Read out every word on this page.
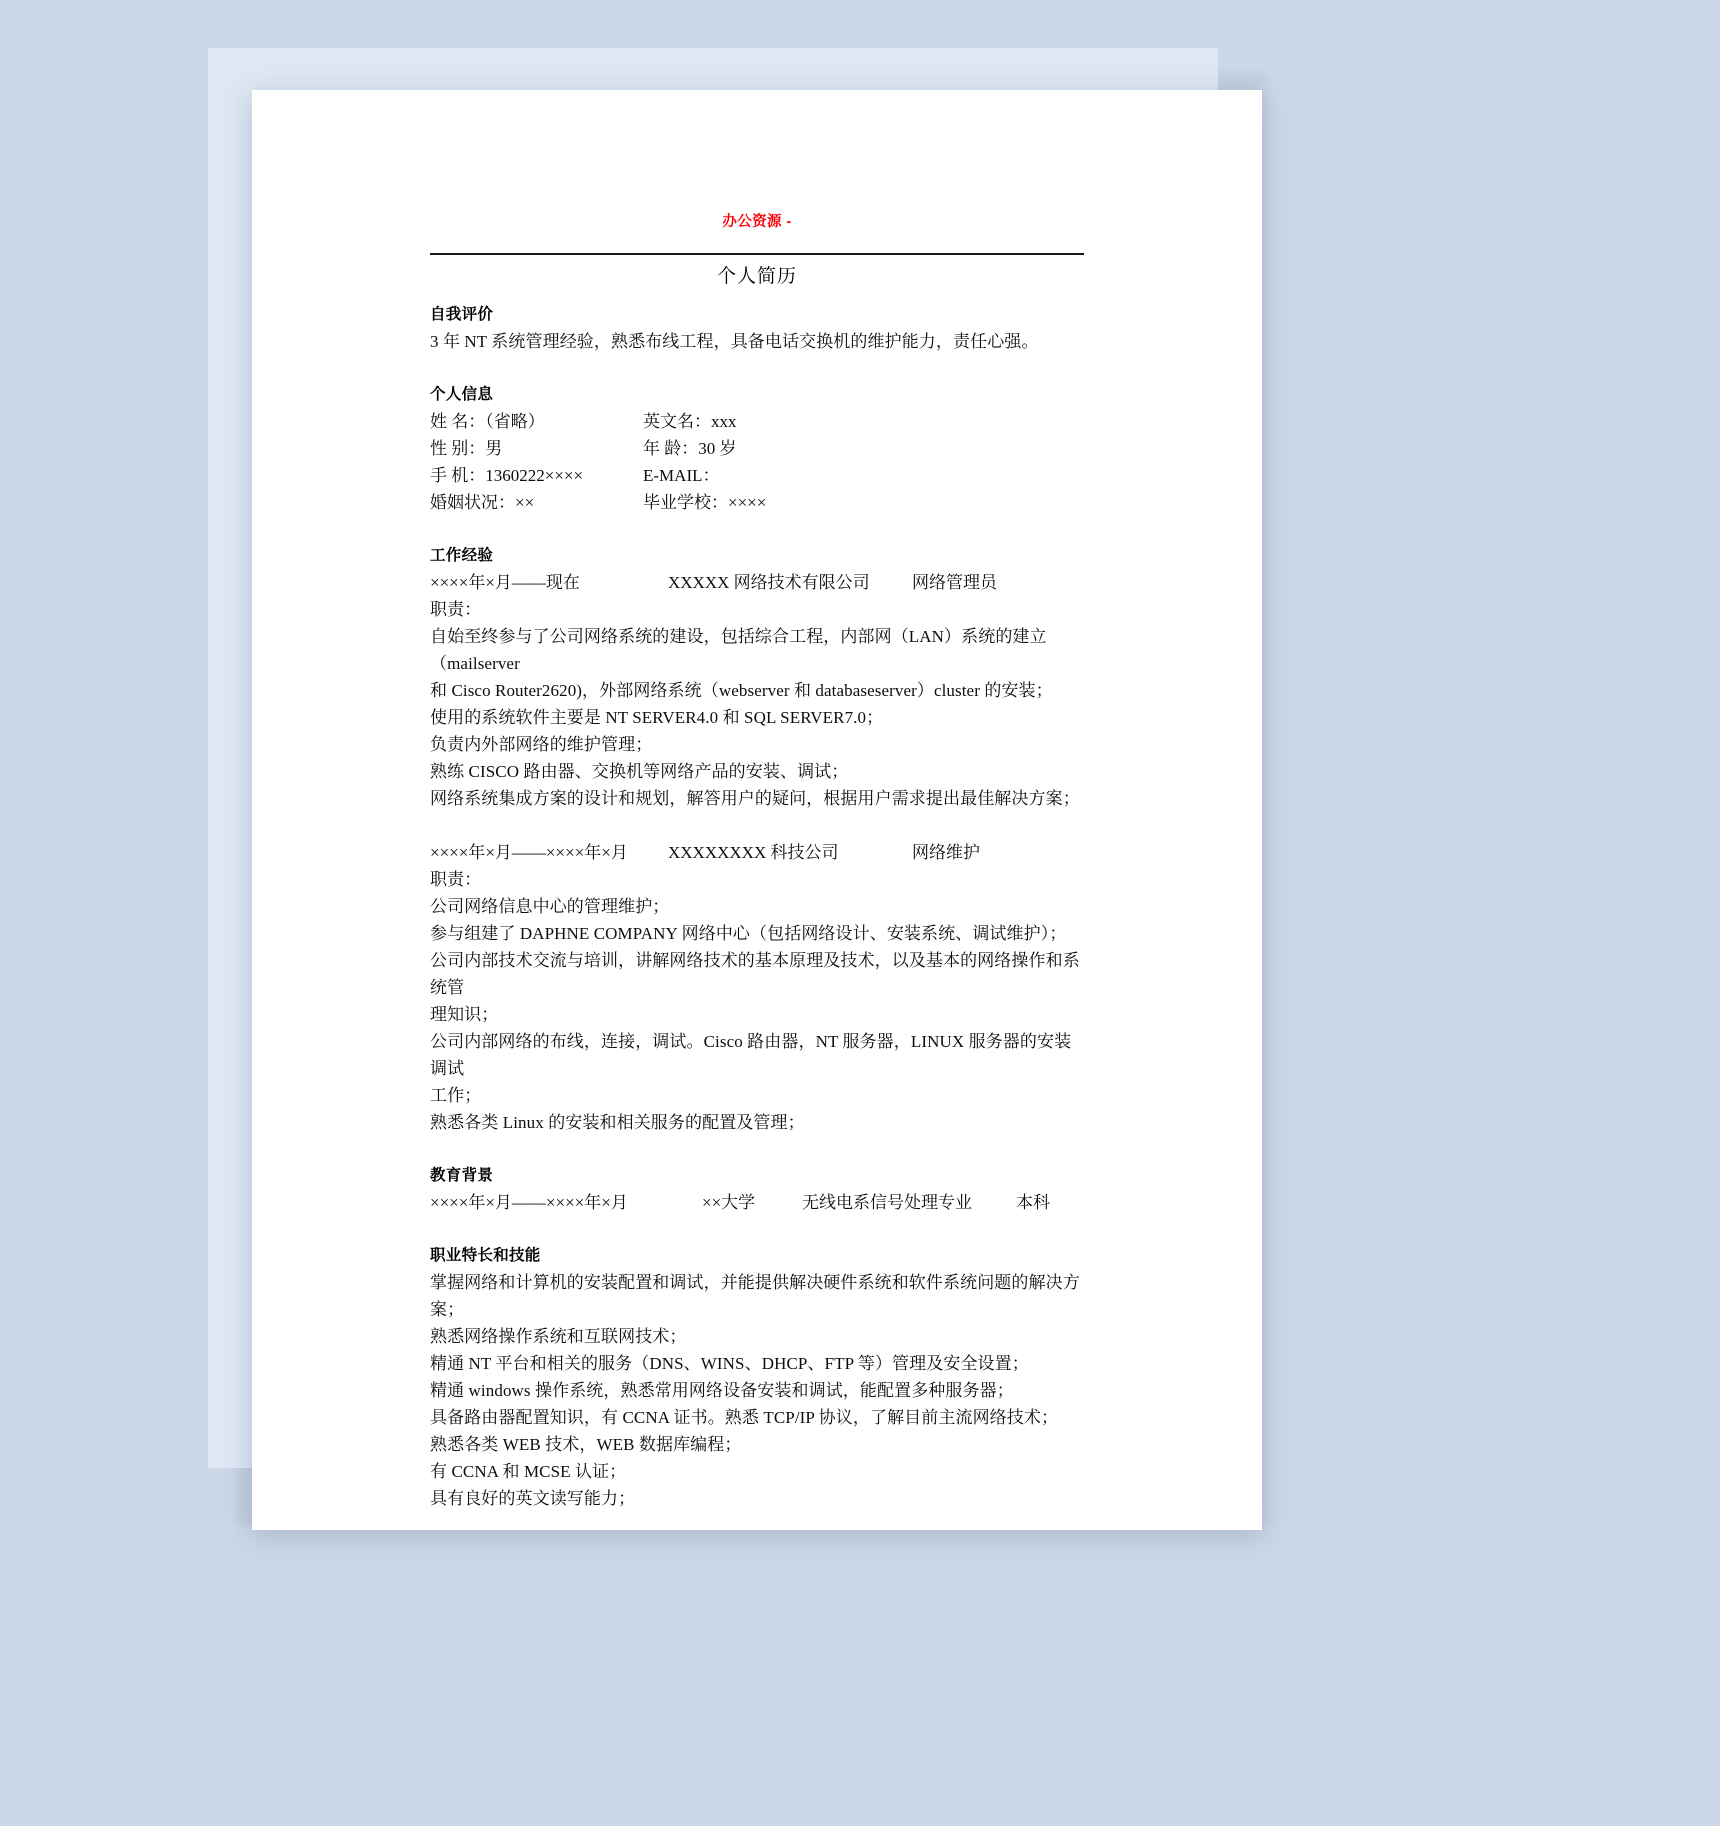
办公资源 -
个人简历
自我评价

3 年 NT 系统管理经验，熟悉布线工程，具备电话交换机的维护能力，责任心强。

个人信息
姓 名：（省略）	英文名：xxx
性 别：男	年 龄：30 岁
手 机：1360222××××	E-MAIL：
婚姻状况：××	毕业学校：××××
工作经验
××××年×月——现在	XXXXX 网络技术有限公司	网络管理员

职责：

自始至终参与了公司网络系统的建设，包括综合工程，内部网（LAN）系统的建立（mailserver

和 Cisco Router2620)，外部网络系统（webserver 和 databaseserver）cluster 的安装；

使用的系统软件主要是 NT SERVER4.0 和 SQL SERVER7.0；

负责内外部网络的维护管理；

熟练 CISCO 路由器、交换机等网络产品的安装、调试；

网络系统集成方案的设计和规划，解答用户的疑问，根据用户需求提出最佳解决方案；

××××年×月——××××年×月	XXXXXXXX 科技公司	网络维护

职责：

公司网络信息中心的管理维护；

参与组建了 DAPHNE COMPANY 网络中心（包括网络设计、安装系统、调试维护）；

公司内部技术交流与培训，讲解网络技术的基本原理及技术，以及基本的网络操作和系统管

理知识；

公司内部网络的布线，连接，调试。Cisco 路由器，NT 服务器，LINUX 服务器的安装调试

工作；

熟悉各类 Linux 的安装和相关服务的配置及管理；

教育背景
××××年×月——××××年×月	××大学	无线电系信号处理专业	本科
职业特长和技能

掌握网络和计算机的安装配置和调试，并能提供解决硬件系统和软件系统问题的解决方案；

熟悉网络操作系统和互联网技术；

精通 NT 平台和相关的服务（DNS、WINS、DHCP、FTP 等）管理及安全设置；

精通 windows 操作系统，熟悉常用网络设备安装和调试，能配置多种服务器；

具备路由器配置知识，有 CCNA 证书。熟悉 TCP/IP 协议，了解目前主流网络技术；

熟悉各类 WEB 技术，WEB 数据库编程；

有 CCNA 和 MCSE 认证；

具有良好的英文读写能力；
